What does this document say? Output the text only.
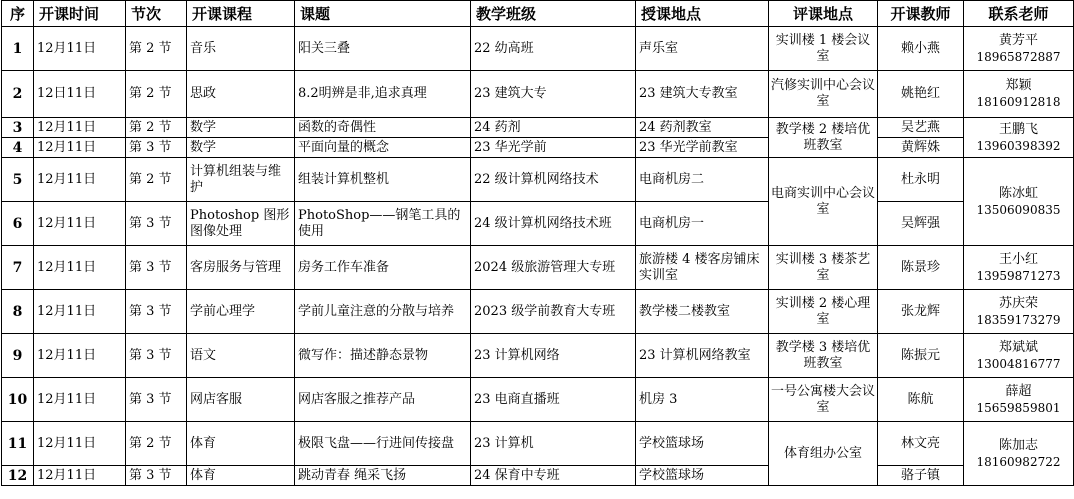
序	开课时间	节次	开课课程	课题	教学班级	授课地点	评课地点	开课教师	联系老师
1	12月11日	第 2 节	音乐	阳关三叠	22 幼高班	声乐室	实训楼 1 楼会议室	赖小燕	黄芳平
18965872887

2	12日11日	第 2 节	思政	8.2明辨是非,追求真理	23 建筑大专	23 建筑大专教室	汽修实训中心会议室	姚艳红	郑颖
18160912818

3	12月11日	第 2 节	数学	函数的奇偶性	24 药剂	24 药剂教室	教学楼 2 楼培优班教室	吴艺燕	王鹏飞
13960398392

4	12月11日	第 3 节	数学	平面向量的概念	23 华光学前	23 华光学前教室		黄辉姝	
5	12月11日	第 2 节	计算机组装与维护	组装计算机整机	22 级计算机网络技术	电商机房二	电商实训中心会议室	杜永明	陈冰虹
13506090835

6	12月11日	第 3 节	Photoshop 图形图像处理	PhotoShop——钢笔工具的使用	24 级计算机网络技术班	电商机房一		吴辉强	
7	12月11日	第 3 节	客房服务与管理	房务工作车准备	2024 级旅游管理大专班	旅游楼 4 楼客房铺床实训室	实训楼 3 楼茶艺室	陈景珍	王小红
13959871273

8	12月11日	第 3 节	学前心理学	学前儿童注意的分散与培养	2023 级学前教育大专班	教学楼二楼教室	实训楼 2 楼心理室	张龙辉	苏庆荣
18359173279

9	12月11日	第 3 节	语文	微写作：描述静态景物	23 计算机网络	23 计算机网络教室	教学楼 3 楼培优班教室	陈振元	郑斌斌
13004816777

10	12月11日	第 3 节	网店客服	网店客服之推荐产品	23 电商直播班	机房 3	一号公寓楼大会议室	陈航	薛超
15659859801

11	12月11日	第 2 节	体育	极限飞盘——行进间传接盘	23 计算机	学校篮球场	体育组办公室	林文亮	陈加志
18160982722

12	12月11日	第 3 节	体育	跳动青春 绳采飞扬	24 保育中专班	学校篮球场		骆子镇	
